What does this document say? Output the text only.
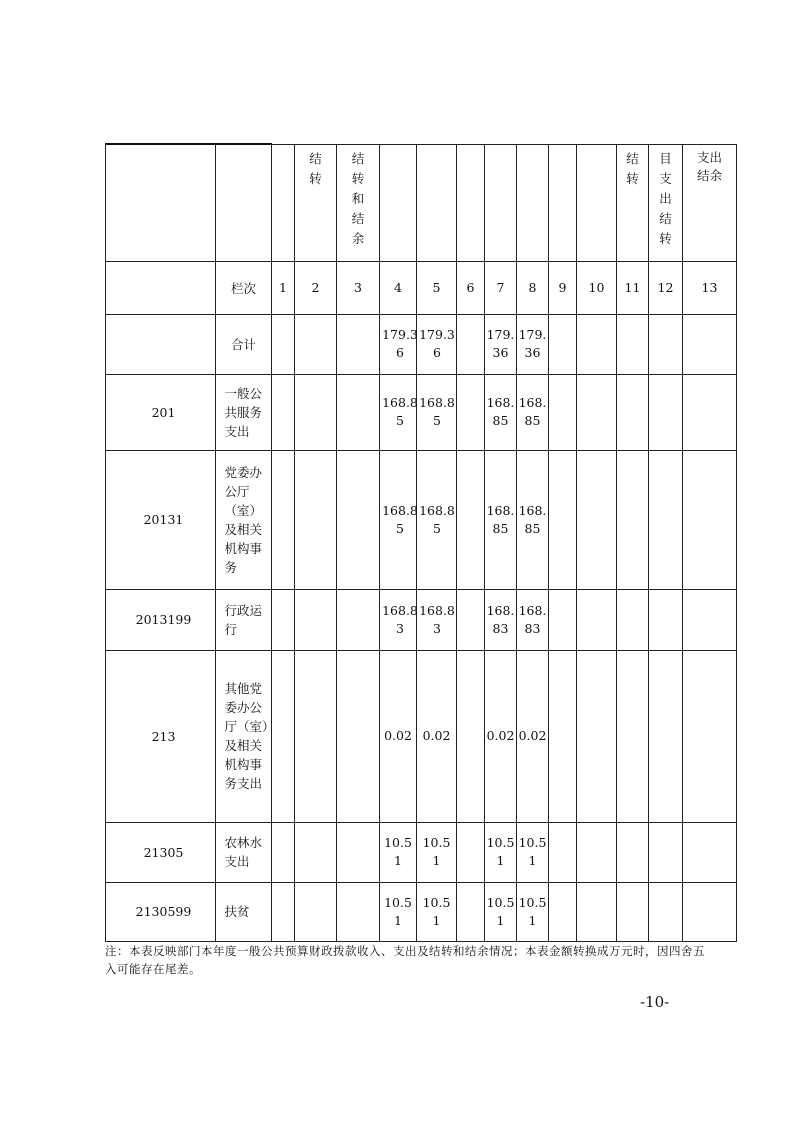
			结转	结转和结余								结转	目支出结转	支出结余
	栏次	1	2	3	4	5	6	7	8	9	10	11	12	13
	合计				179.36	179.36		179.36	179.36					
201	一般公共服务支出				168.85	168.85		168.85	168.85					
20131	党委办公厅（室）及相关机构事务				168.85	168.85		168.85	168.85					
2013199	行政运行				168.83	168.83		168.83	168.83					
213	其他党委办公厅（室）及相关机构事务支出				0.02	0.02		0.02	0.02					
21305	农林水支出				10.51	10.51		10.51	10.51					
2130599	扶贫				10.51	10.51		10.51	10.51					
注：本表反映部门本年度一般公共预算财政拨款收入、支出及结转和结余情况；本表金额转换成万元时，因四舍五入可能存在尾差。
-10-
